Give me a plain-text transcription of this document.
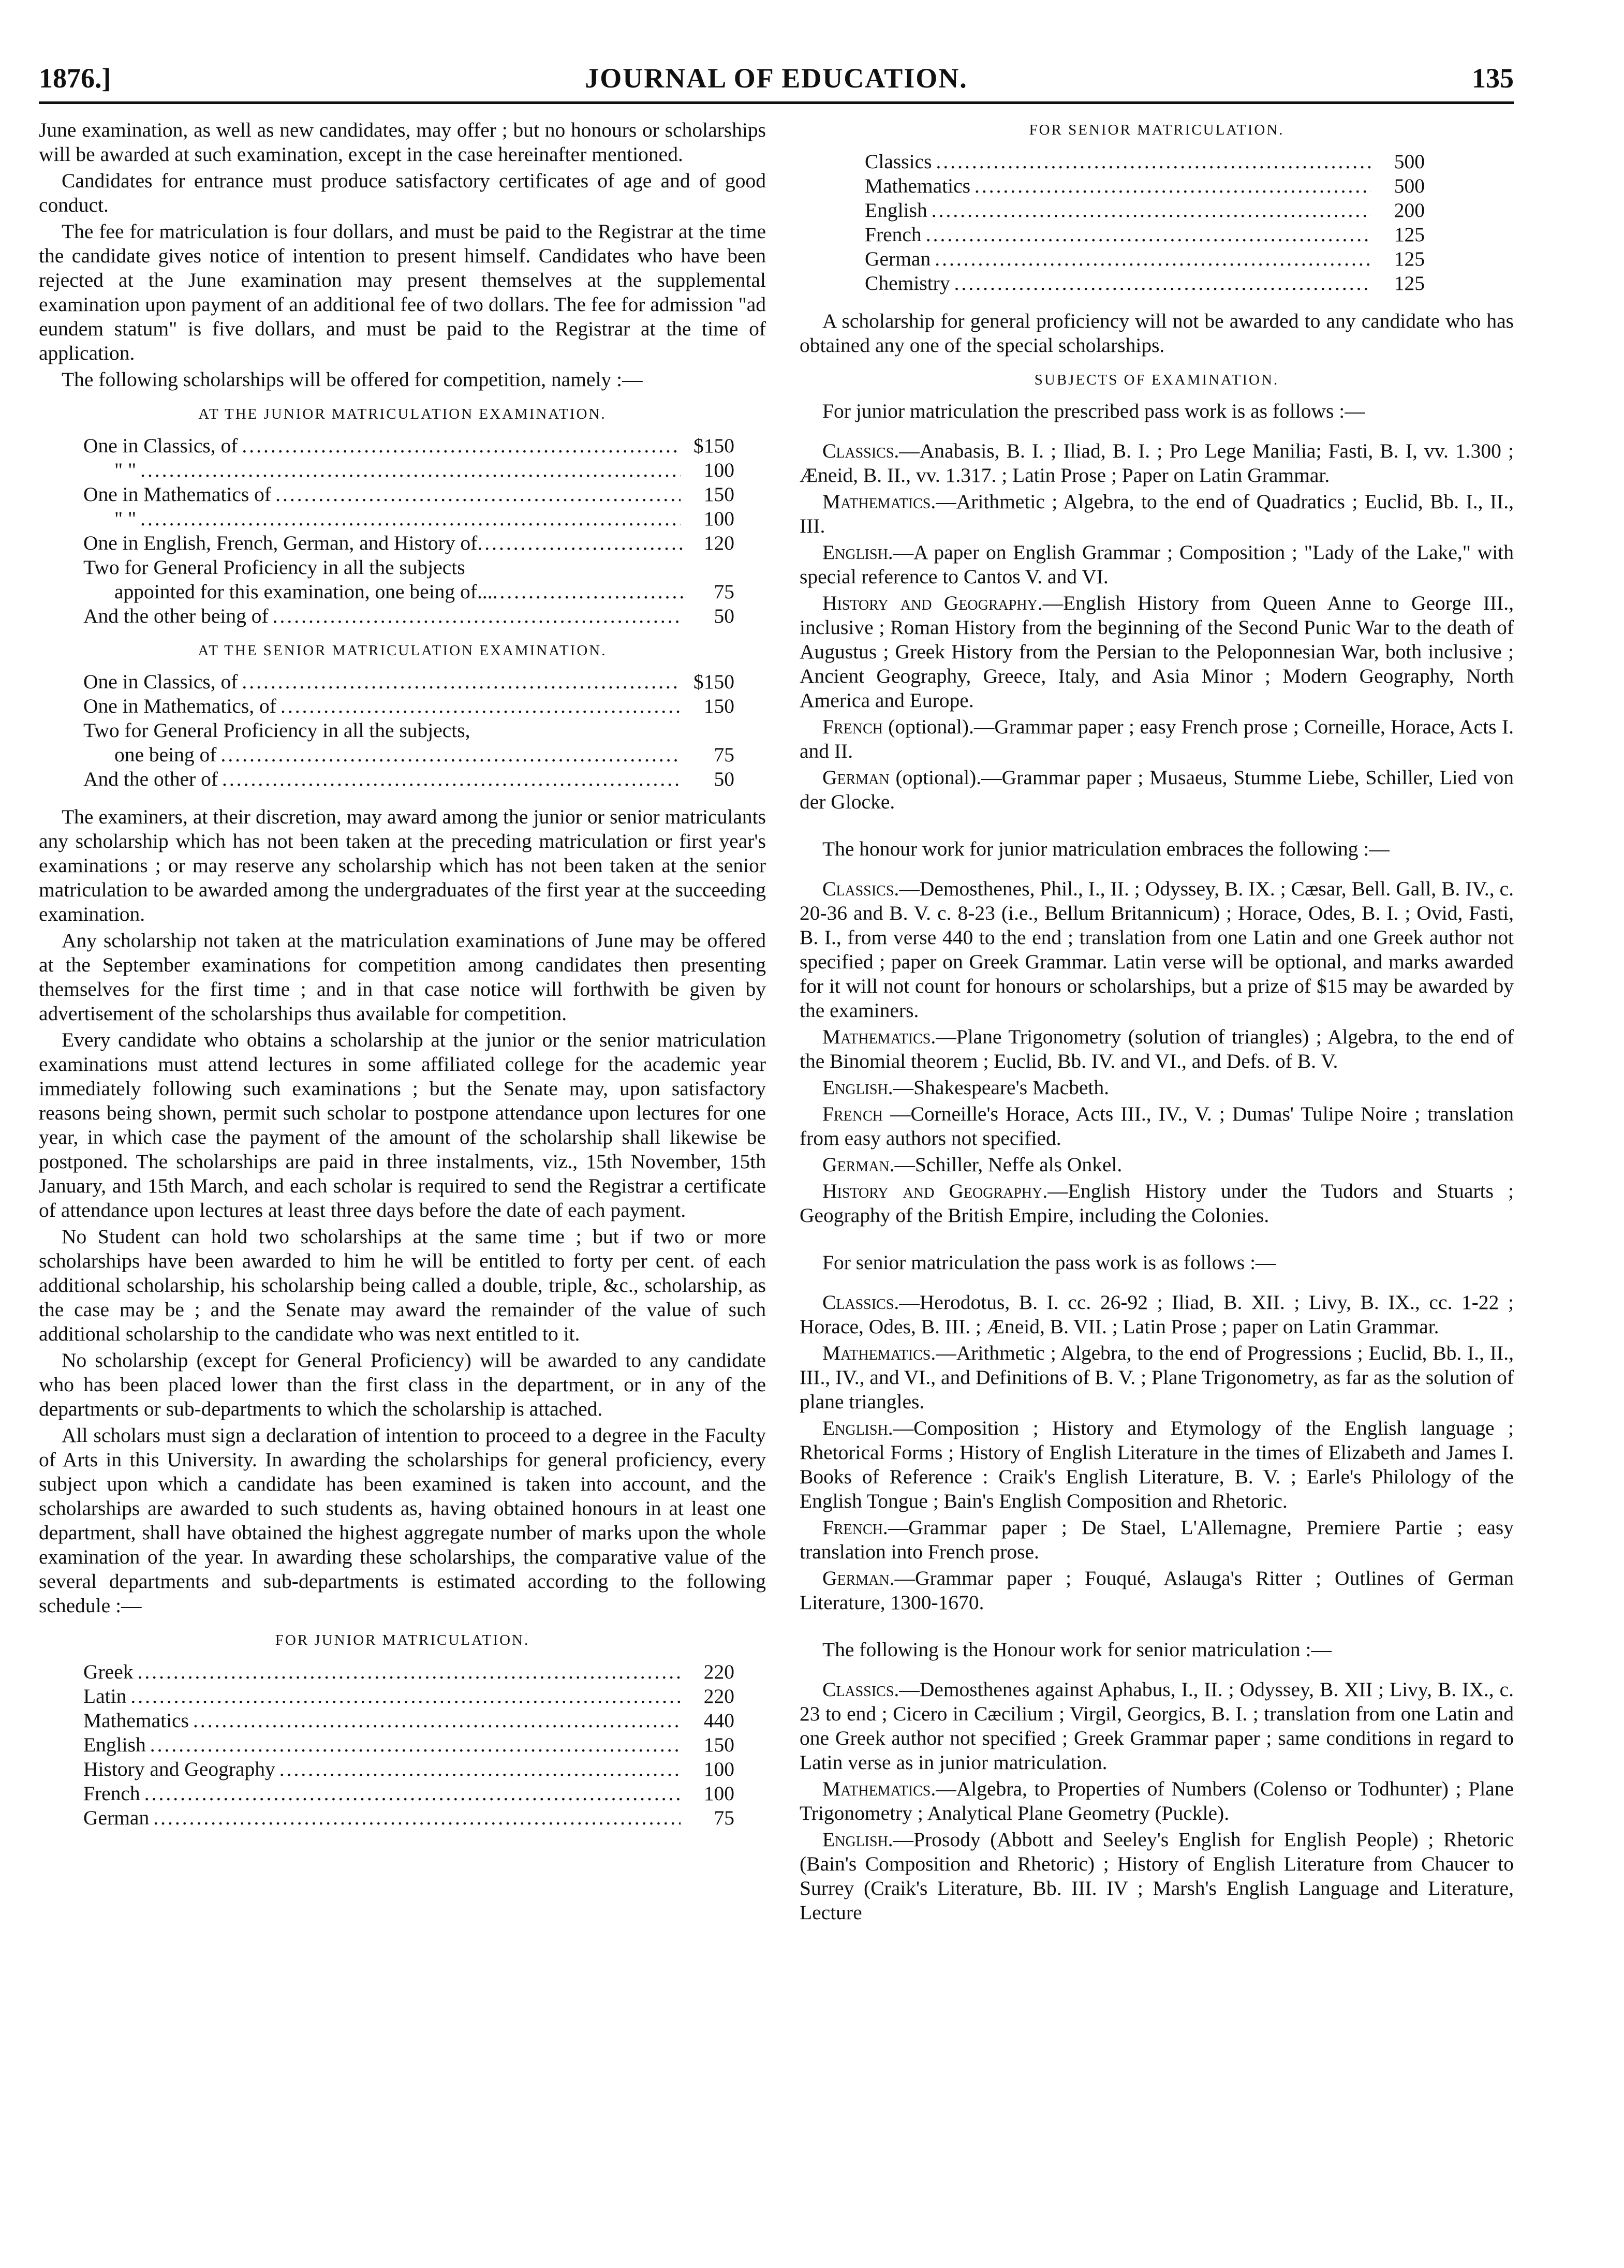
1876.]	JOURNAL OF EDUCATION.	135

June examination, as well as new candidates, may offer ; but no honours or scholarships will be awarded at such examination, except in the case hereinafter mentioned.

Candidates for entrance must produce satisfactory certificates of age and of good conduct.

The fee for matriculation is four dollars, and must be paid to the Registrar at the time the candidate gives notice of intention to present himself. Candidates who have been rejected at the June examination may present themselves at the supplemental examination upon payment of an additional fee of two dollars. The fee for admission "ad eundem statum" is five dollars, and must be paid to the Registrar at the time of application.

The following scholarships will be offered for competition, namely :—

AT THE JUNIOR MATRICULATION EXAMINATION.
One in Classics, of .....	$150
" " .....	100
One in Mathematics of .....	150
" " .....	100
One in English, French, German, and History of .....	120
Two for General Proficiency in all the subjects
appointed for this examination, one being of... .....	75
And the other being of .....	50
AT THE SENIOR MATRICULATION EXAMINATION.
One in Classics, of .....	$150
One in Mathematics, of .....	150
Two for General Proficiency in all the subjects,
one being of .....	75
And the other of .....	50

The examiners, at their discretion, may award among the junior or senior matriculants any scholarship which has not been taken at the preceding matriculation or first year's examinations ; or may reserve any scholarship which has not been taken at the senior matriculation to be awarded among the undergraduates of the first year at the succeeding examination.

Any scholarship not taken at the matriculation examinations of June may be offered at the September examinations for competition among candidates then presenting themselves for the first time ; and in that case notice will forthwith be given by advertisement of the scholarships thus available for competition.

Every candidate who obtains a scholarship at the junior or the senior matriculation examinations must attend lectures in some affiliated college for the academic year immediately following such examinations ; but the Senate may, upon satisfactory reasons being shown, permit such scholar to postpone attendance upon lectures for one year, in which case the payment of the amount of the scholarship shall likewise be postponed. The scholarships are paid in three instalments, viz., 15th November, 15th January, and 15th March, and each scholar is required to send the Registrar a certificate of attendance upon lectures at least three days before the date of each payment.

No Student can hold two scholarships at the same time ; but if two or more scholarships have been awarded to him he will be entitled to forty per cent. of each additional scholarship, his scholarship being called a double, triple, &c., scholarship, as the case may be ; and the Senate may award the remainder of the value of such additional scholarship to the candidate who was next entitled to it.

No scholarship (except for General Proficiency) will be awarded to any candidate who has been placed lower than the first class in the department, or in any of the departments or sub-departments to which the scholarship is attached.

All scholars must sign a declaration of intention to proceed to a degree in the Faculty of Arts in this University. In awarding the scholarships for general proficiency, every subject upon which a candidate has been examined is taken into account, and the scholarships are awarded to such students as, having obtained honours in at least one department, shall have obtained the highest aggregate number of marks upon the whole examination of the year. In awarding these scholarships, the comparative value of the several departments and sub-departments is estimated according to the following schedule :—

FOR JUNIOR MATRICULATION.
Greek .....	220
Latin .....	220
Mathematics .....	440
English .....	150
History and Geography .....	100
French .....	100
German .....	75
FOR SENIOR MATRICULATION.
Classics .....	500
Mathematics .....	500
English .....	200
French .....	125
German .....	125
Chemistry .....	125

A scholarship for general proficiency will not be awarded to any candidate who has obtained any one of the special scholarships.

SUBJECTS OF EXAMINATION.

For junior matriculation the prescribed pass work is as follows :—

Classics.—Anabasis, B. I. ; Iliad, B. I. ; Pro Lege Manilia; Fasti, B. I, vv. 1.300 ; Æneid, B. II., vv. 1.317. ; Latin Prose ; Paper on Latin Grammar.

Mathematics.—Arithmetic ; Algebra, to the end of Quadratics ; Euclid, Bb. I., II., III.

English.—A paper on English Grammar ; Composition ; "Lady of the Lake," with special reference to Cantos V. and VI.

History and Geography.—English History from Queen Anne to George III., inclusive ; Roman History from the beginning of the Second Punic War to the death of Augustus ; Greek History from the Persian to the Peloponnesian War, both inclusive ; Ancient Geography, Greece, Italy, and Asia Minor ; Modern Geography, North America and Europe.

French (optional).—Grammar paper ; easy French prose ; Corneille, Horace, Acts I. and II.

German (optional).—Grammar paper ; Musaeus, Stumme Liebe, Schiller, Lied von der Glocke.

The honour work for junior matriculation embraces the following :—

Classics.—Demosthenes, Phil., I., II. ; Odyssey, B. IX. ; Cæsar, Bell. Gall, B. IV., c. 20-36 and B. V. c. 8-23 (i.e., Bellum Britannicum) ; Horace, Odes, B. I. ; Ovid, Fasti, B. I., from verse 440 to the end ; translation from one Latin and one Greek author not specified ; paper on Greek Grammar. Latin verse will be optional, and marks awarded for it will not count for honours or scholarships, but a prize of $15 may be awarded by the examiners.

Mathematics.—Plane Trigonometry (solution of triangles) ; Algebra, to the end of the Binomial theorem ; Euclid, Bb. IV. and VI., and Defs. of B. V.

English.—Shakespeare's Macbeth.

French —Corneille's Horace, Acts III., IV., V. ; Dumas' Tulipe Noire ; translation from easy authors not specified.

German.—Schiller, Neffe als Onkel.

History and Geography.—English History under the Tudors and Stuarts ; Geography of the British Empire, including the Colonies.

For senior matriculation the pass work is as follows :—

Classics.—Herodotus, B. I. cc. 26-92 ; Iliad, B. XII. ; Livy, B. IX., cc. 1-22 ; Horace, Odes, B. III. ; Æneid, B. VII. ; Latin Prose ; paper on Latin Grammar.

Mathematics.—Arithmetic ; Algebra, to the end of Progressions ; Euclid, Bb. I., II., III., IV., and VI., and Definitions of B. V. ; Plane Trigonometry, as far as the solution of plane triangles.

English.—Composition ; History and Etymology of the English language ; Rhetorical Forms ; History of English Literature in the times of Elizabeth and James I. Books of Reference : Craik's English Literature, B. V. ; Earle's Philology of the English Tongue ; Bain's English Composition and Rhetoric.

French.—Grammar paper ; De Stael, L'Allemagne, Premiere Partie ; easy translation into French prose.

German.—Grammar paper ; Fouqué, Aslauga's Ritter ; Outlines of German Literature, 1300-1670.

The following is the Honour work for senior matriculation :—

Classics.—Demosthenes against Aphabus, I., II. ; Odyssey, B. XII ; Livy, B. IX., c. 23 to end ; Cicero in Cæcilium ; Virgil, Georgics, B. I. ; translation from one Latin and one Greek author not specified ; Greek Grammar paper ; same conditions in regard to Latin verse as in junior matriculation.

Mathematics.—Algebra, to Properties of Numbers (Colenso or Todhunter) ; Plane Trigonometry ; Analytical Plane Geometry (Puckle).

English.—Prosody (Abbott and Seeley's English for English People) ; Rhetoric (Bain's Composition and Rhetoric) ; History of English Literature from Chaucer to Surrey (Craik's Literature, Bb. III. IV ; Marsh's English Language and Literature, Lecture
